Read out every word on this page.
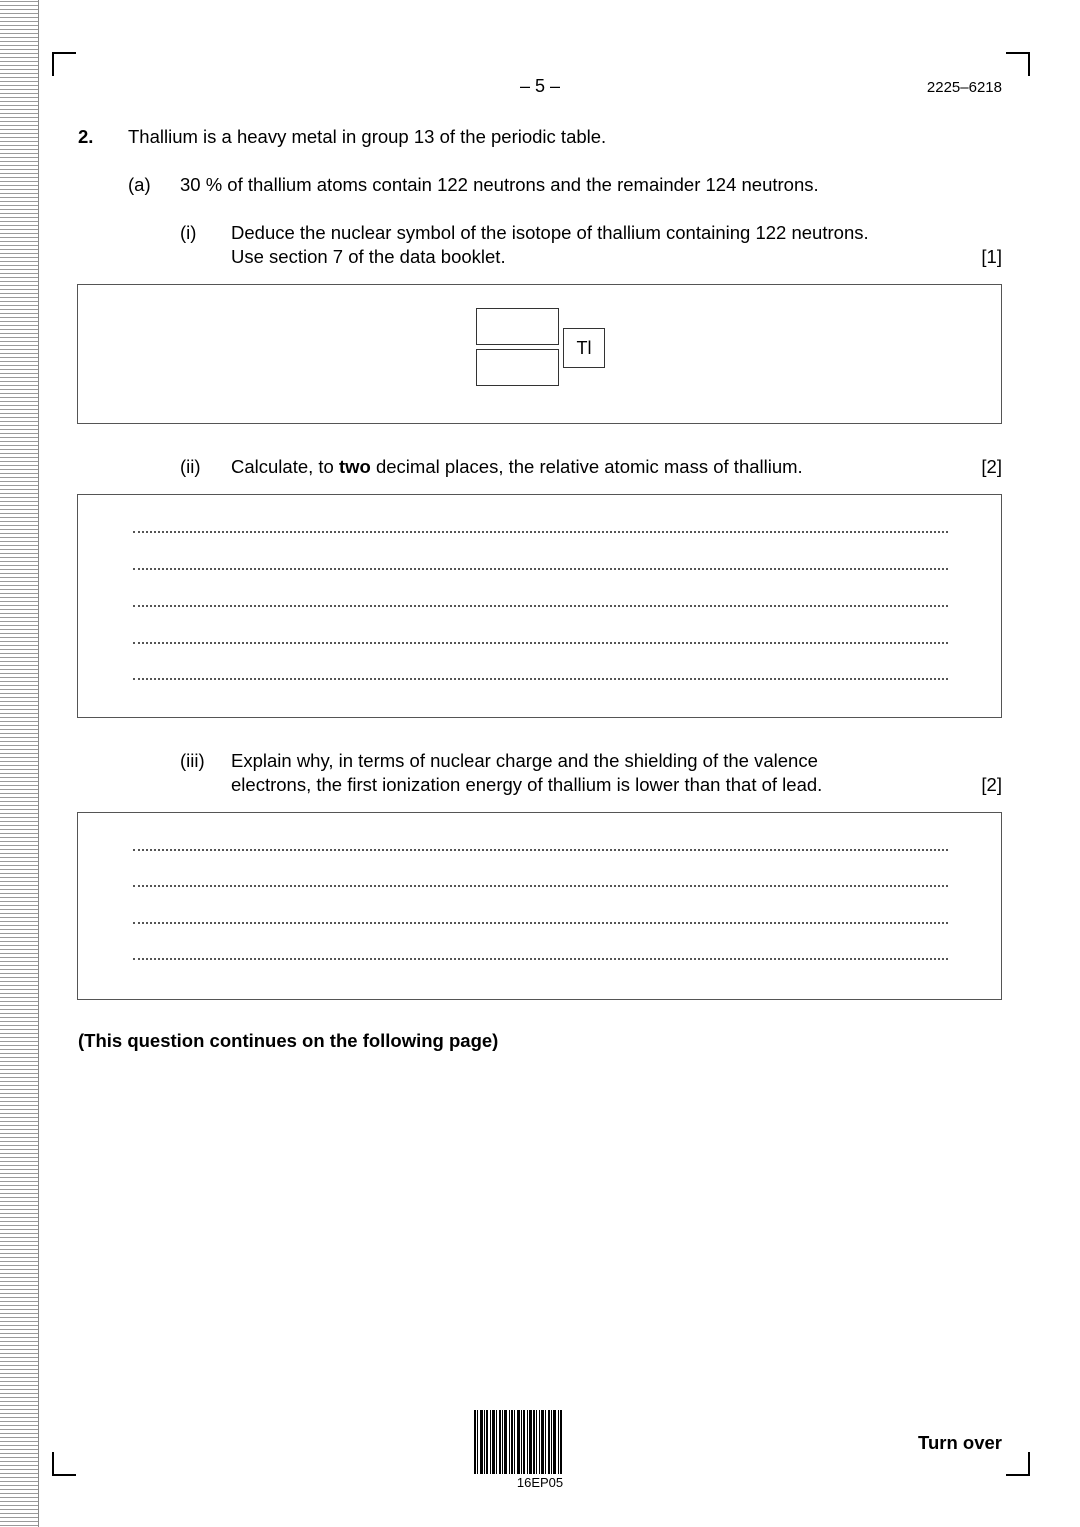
– 5 –	2225–6218
2. Thallium is a heavy metal in group 13 of the periodic table.
(a) 30 % of thallium atoms contain 122 neutrons and the remainder 124 neutrons.
(i) Deduce the nuclear symbol of the isotope of thallium containing 122 neutrons.
Use section 7 of the data booklet.	[1]
Tl
(ii) Calculate, to two decimal places, the relative atomic mass of thallium.	[2]
(iii) Explain why, in terms of nuclear charge and the shielding of the valence
electrons, the first ionization energy of thallium is lower than that of lead.	[2]
(This question continues on the following page)
16EP05
Turn over
